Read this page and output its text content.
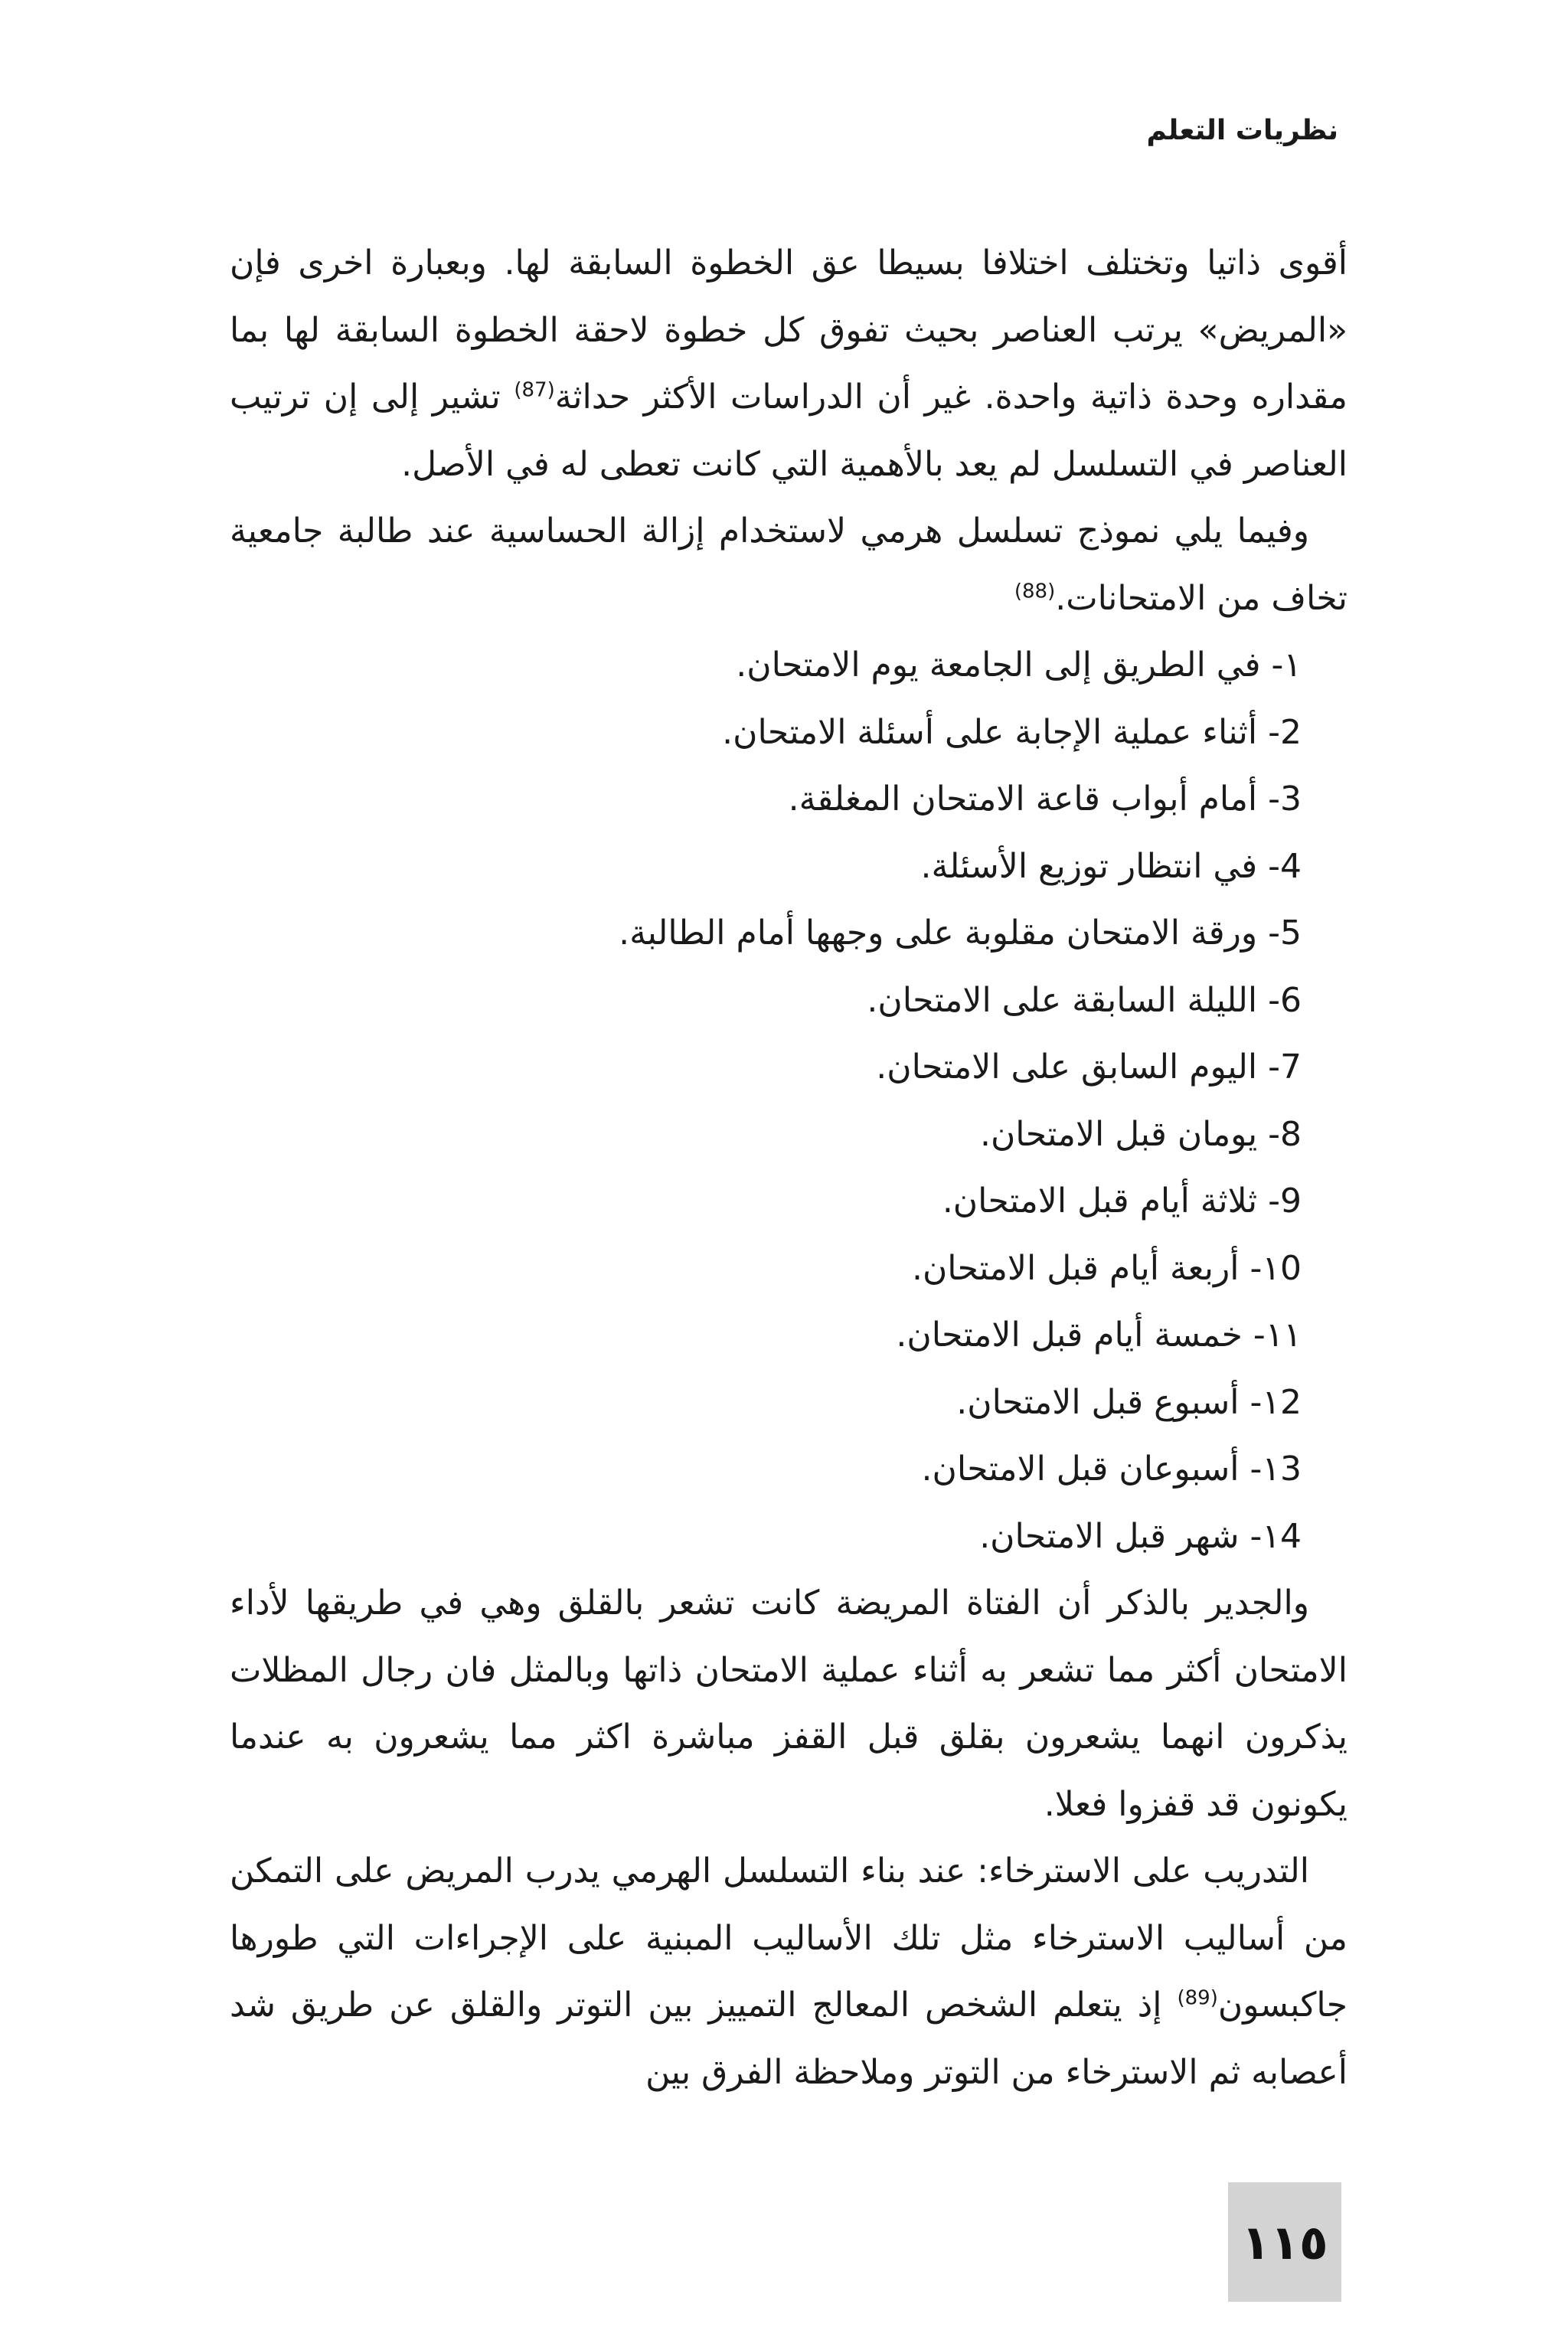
نظريات التعلم

أقوى ذاتيا وتختلف اختلافا بسيطا عق الخطوة السابقة لها. وبعبارة اخرى فإن «المريض» يرتب العناصر بحيث تفوق كل خطوة لاحقة الخطوة السابقة لها بما مقداره وحدة ذاتية واحدة. غير أن الدراسات الأكثر حداثة$^{(87)}$ تشير إلى إن ترتيب العناصر في التسلسل لم يعد بالأهمية التي كانت تعطى له في الأصل.

وفيما يلي نموذج تسلسل هرمي لاستخدام إزالة الحساسية عند طالبة جامعية تخاف من الامتحانات.$^{(88)}$

١- في الطريق إلى الجامعة يوم الامتحان.
2- أثناء عملية الإجابة على أسئلة الامتحان.
3- أمام أبواب قاعة الامتحان المغلقة.
4- في انتظار توزيع الأسئلة.
5- ورقة الامتحان مقلوبة على وجهها أمام الطالبة.
6- الليلة السابقة على الامتحان.
7- اليوم السابق على الامتحان.
8- يومان قبل الامتحان.
9- ثلاثة أيام قبل الامتحان.
١0- أربعة أيام قبل الامتحان.
١١- خمسة أيام قبل الامتحان.
١2- أسبوع قبل الامتحان.
١3- أسبوعان قبل الامتحان.
١4- شهر قبل الامتحان.

والجدير بالذكر أن الفتاة المريضة كانت تشعر بالقلق وهي في طريقها لأداء الامتحان أكثر مما تشعر به أثناء عملية الامتحان ذاتها وبالمثل فان رجال المظلات يذكرون انهما يشعرون بقلق قبل القفز مباشرة اكثر مما يشعرون به عندما يكونون قد قفزوا فعلا.

التدريب على الاسترخاء: عند بناء التسلسل الهرمي يدرب المريض على التمكن من أساليب الاسترخاء مثل تلك الأساليب المبنية على الإجراءات التي طورها جاكبسون$^{(89)}$ إذ يتعلم الشخص المعالج التمييز بين التوتر والقلق عن طريق شد أعصابه ثم الاسترخاء من التوتر وملاحظة الفرق بين

١١٥
